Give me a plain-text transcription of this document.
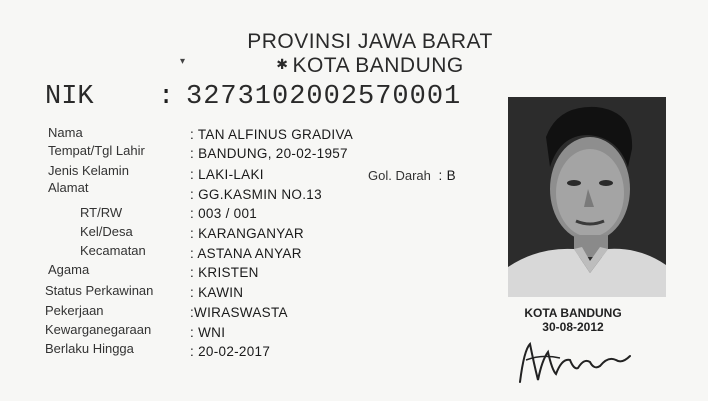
PROVINSI JAWA BARAT
✱ KOTA BANDUNG
▾
NIK : 3273102002570001
Nama	: TAN ALFINUS GRADIVA
Tempat/Tgl Lahir	: BANDUNG, 20-02-1957
Jenis Kelamin	: LAKI-LAKI	Gol. Darah : B
Alamat	: GG.KASMIN NO.13
RT/RW	: 003 / 001
Kel/Desa	: KARANGANYAR
Kecamatan	: ASTANA ANYAR
Agama	: KRISTEN
Status Perkawinan	: KAWIN
Pekerjaan	:WIRASWASTA
Kewarganegaraan	: WNI
Berlaku Hingga	: 20-02-2017
KOTA BANDUNG
30-08-2012
